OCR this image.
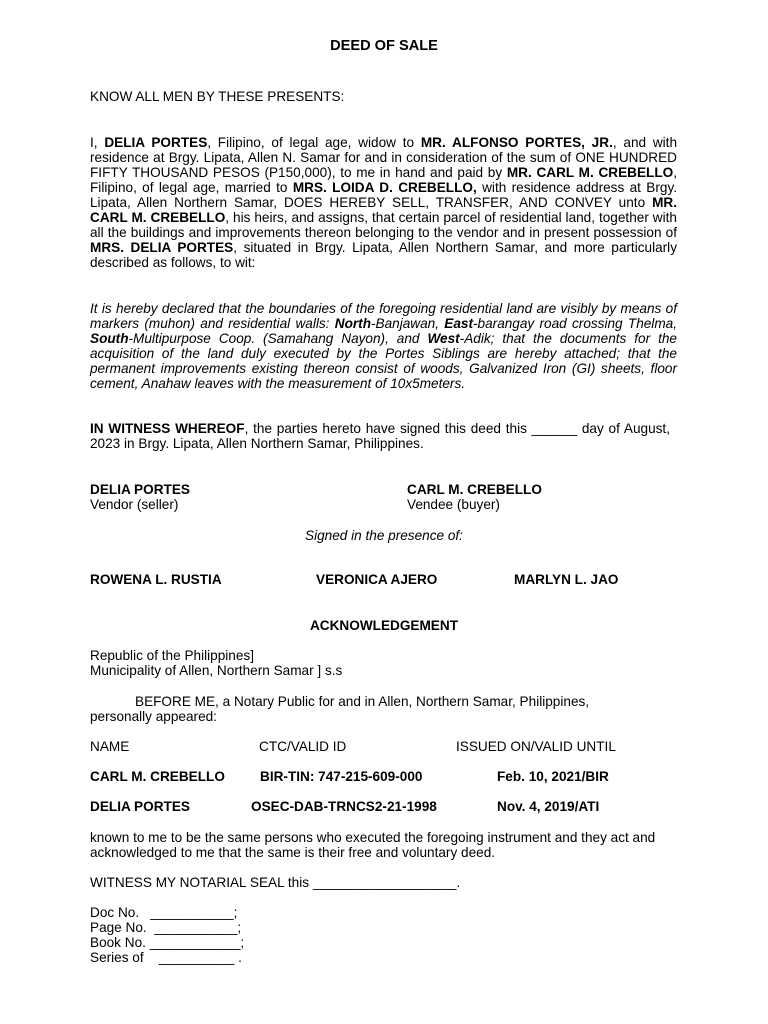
DEED OF SALE
KNOW ALL MEN BY THESE PRESENTS:
I, DELIA PORTES, Filipino, of legal age, widow to MR. ALFONSO PORTES, JR., and with residence at Brgy. Lipata, Allen N. Samar for and in consideration of the sum of ONE HUNDRED FIFTY THOUSAND PESOS (P150,000), to me in hand and paid by MR. CARL M. CREBELLO, Filipino, of legal age, married to MRS. LOIDA D. CREBELLO, with residence address at Brgy. Lipata, Allen Northern Samar, DOES HEREBY SELL, TRANSFER, AND CONVEY unto MR. CARL M. CREBELLO, his heirs, and assigns, that certain parcel of residential land, together with all the buildings and improvements thereon belonging to the vendor and in present possession of MRS. DELIA PORTES, situated in Brgy. Lipata, Allen Northern Samar, and more particularly described as follows, to wit:
It is hereby declared that the boundaries of the foregoing residential land are visibly by means of markers (muhon) and residential walls: North-Banjawan, East-barangay road crossing Thelma, South-Multipurpose Coop. (Samahang Nayon), and West-Adik; that the documents for the acquisition of the land duly executed by the Portes Siblings are hereby attached; that the permanent improvements existing thereon consist of woods, Galvanized Iron (GI) sheets, floor cement, Anahaw leaves with the measurement of 10x5meters.
IN WITNESS WHEREOF, the parties hereto have signed this deed this ______ day of August, 2023 in Brgy. Lipata, Allen Northern Samar, Philippines.
DELIA PORTES
Vendor (seller)
CARL M. CREBELLO
Vendee (buyer)
Signed in the presence of:
ROWENA L. RUSTIA	VERONICA AJERO	MARLYN L. JAO
ACKNOWLEDGEMENT
Republic of the Philippines]
Municipality of Allen, Northern Samar ] s.s
BEFORE ME, a Notary Public for and in Allen, Northern Samar, Philippines, personally appeared:
NAME	CTC/VALID ID	ISSUED ON/VALID UNTIL
CARL M. CREBELLO	BIR-TIN: 747-215-609-000	Feb. 10, 2021/BIR
DELIA PORTES	OSEC-DAB-TRNCS2-21-1998	Nov. 4, 2019/ATI
known to me to be the same persons who executed the foregoing instrument and they act and acknowledged to me that the same is their free and voluntary deed.
WITNESS MY NOTARIAL SEAL this ___________________.
Doc No.   ___________;
Page No.  ___________;
Book No. ____________;
Series of    __________ .
